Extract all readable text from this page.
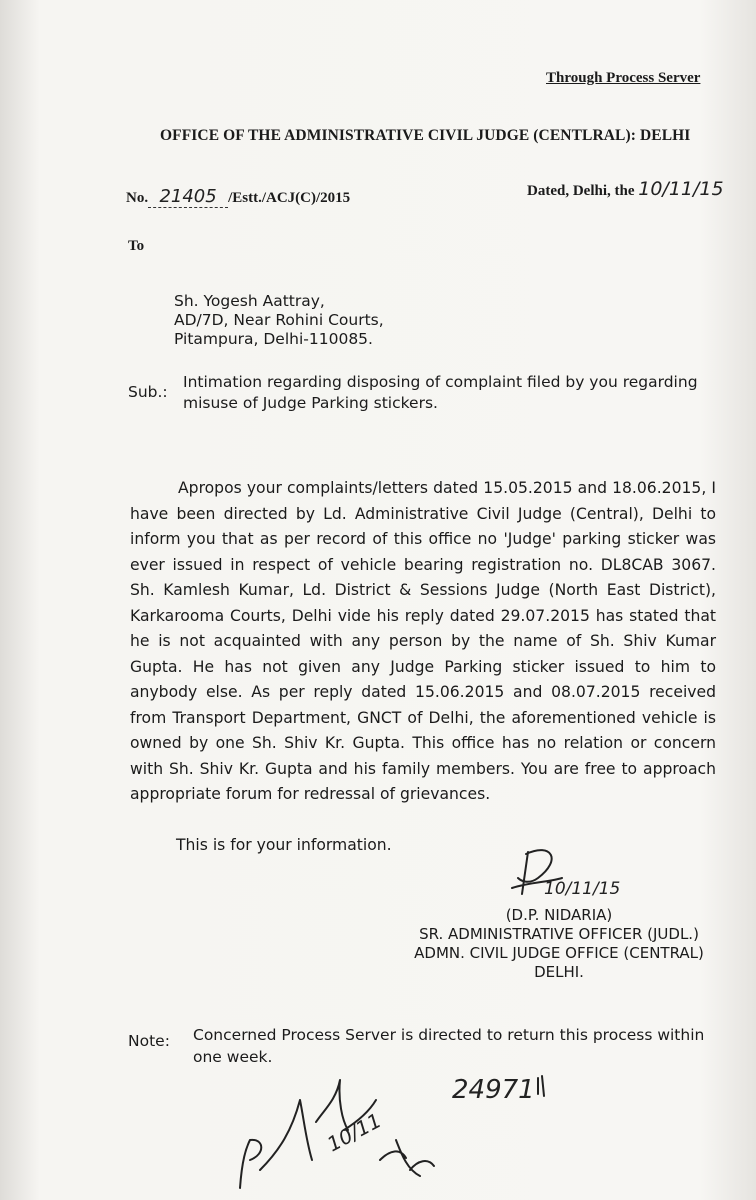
Through Process Server
OFFICE OF THE ADMINISTRATIVE CIVIL JUDGE (CENTLRAL): DELHI
No. 21405 /Estt./ACJ(C)/2015	Dated, Delhi, the 10/11/15
To
Sh. Yogesh Aattray,
AD/7D, Near Rohini Courts,
Pitampura, Delhi-110085.
Sub.:
Intimation regarding disposing of complaint filed by you regarding misuse of Judge Parking stickers.
Apropos your complaints/letters dated 15.05.2015 and 18.06.2015, I have been directed by Ld. Administrative Civil Judge (Central), Delhi to inform you that as per record of this office no 'Judge' parking sticker was ever issued in respect of vehicle bearing registration no. DL8CAB 3067. Sh. Kamlesh Kumar, Ld. District & Sessions Judge (North East District), Karkarooma Courts, Delhi vide his reply dated 29.07.2015 has stated that he is not acquainted with any person by the name of Sh. Shiv Kumar Gupta. He has not given any Judge Parking sticker issued to him to anybody else. As per reply dated 15.06.2015 and 08.07.2015 received from Transport Department, GNCT of Delhi, the aforementioned vehicle is owned by one Sh. Shiv Kr. Gupta. This office has no relation or concern with Sh. Shiv Kr. Gupta and his family members. You are free to approach appropriate forum for redressal of grievances.
This is for your information.
10/11/15
(D.P. NIDARIA)
SR. ADMINISTRATIVE OFFICER (JUDL.)
ADMN. CIVIL JUDGE OFFICE (CENTRAL)
DELHI.
Note: Concerned Process Server is directed to return this process within one week.
24971
10/11
